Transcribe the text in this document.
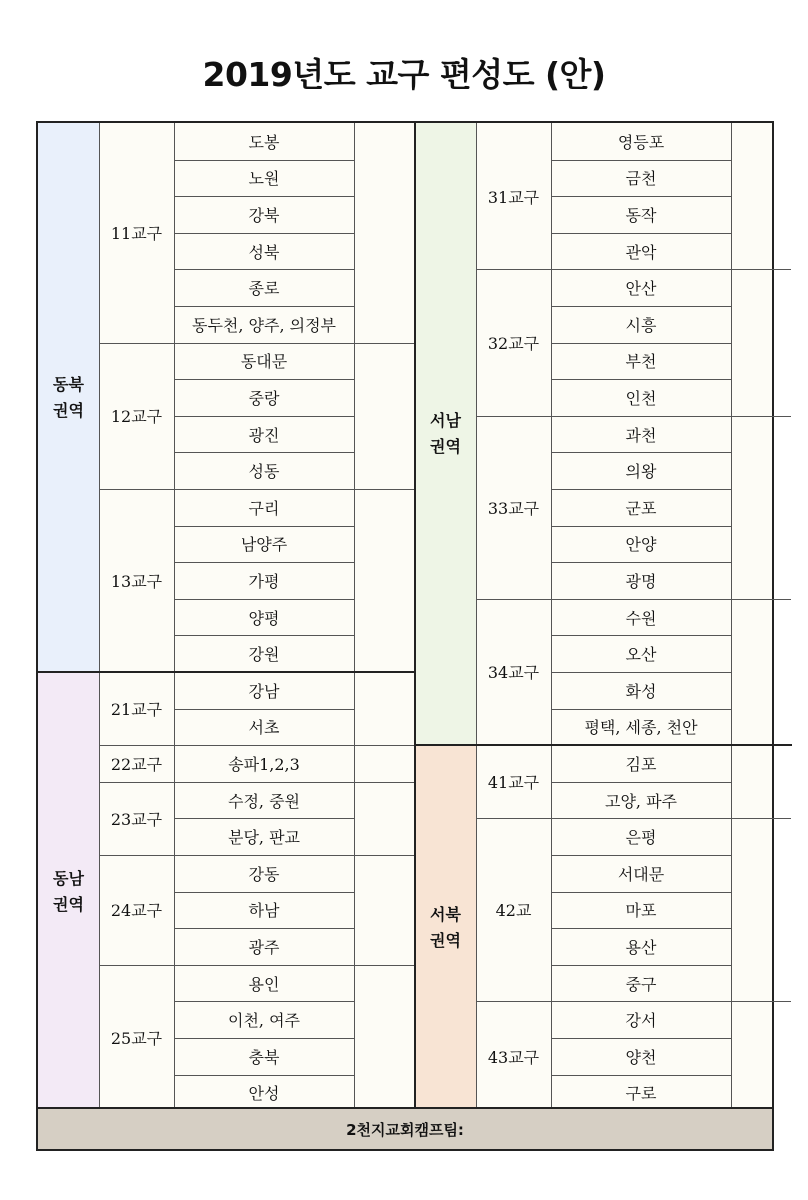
2019년도 교구 편성도 (안)
동북
권역
11교구
도봉
노원
강북
성북
종로
동두천, 양주, 의정부
12교구
동대문
중랑
광진
성동
13교구
구리
남양주
가평
양평
강원
동남
권역
21교구
강남
서초
22교구	송파1,2,3
23교구
수정, 중원
분당, 판교
24교구
강동
하남
광주
25교구
용인
이천, 여주
충북
안성
서남
권역
31교구
영등포
금천
동작
관악
32교구
안산
시흥
부천
인천
33교구
과천
의왕
군포
안양
광명
34교구
수원
오산
화성
평택, 세종, 천안
서북
권역
41교구
김포
고양, 파주
42교
은평
서대문
마포
용산
중구
43교구
강서
양천
구로
2천지교회캠프팀:
